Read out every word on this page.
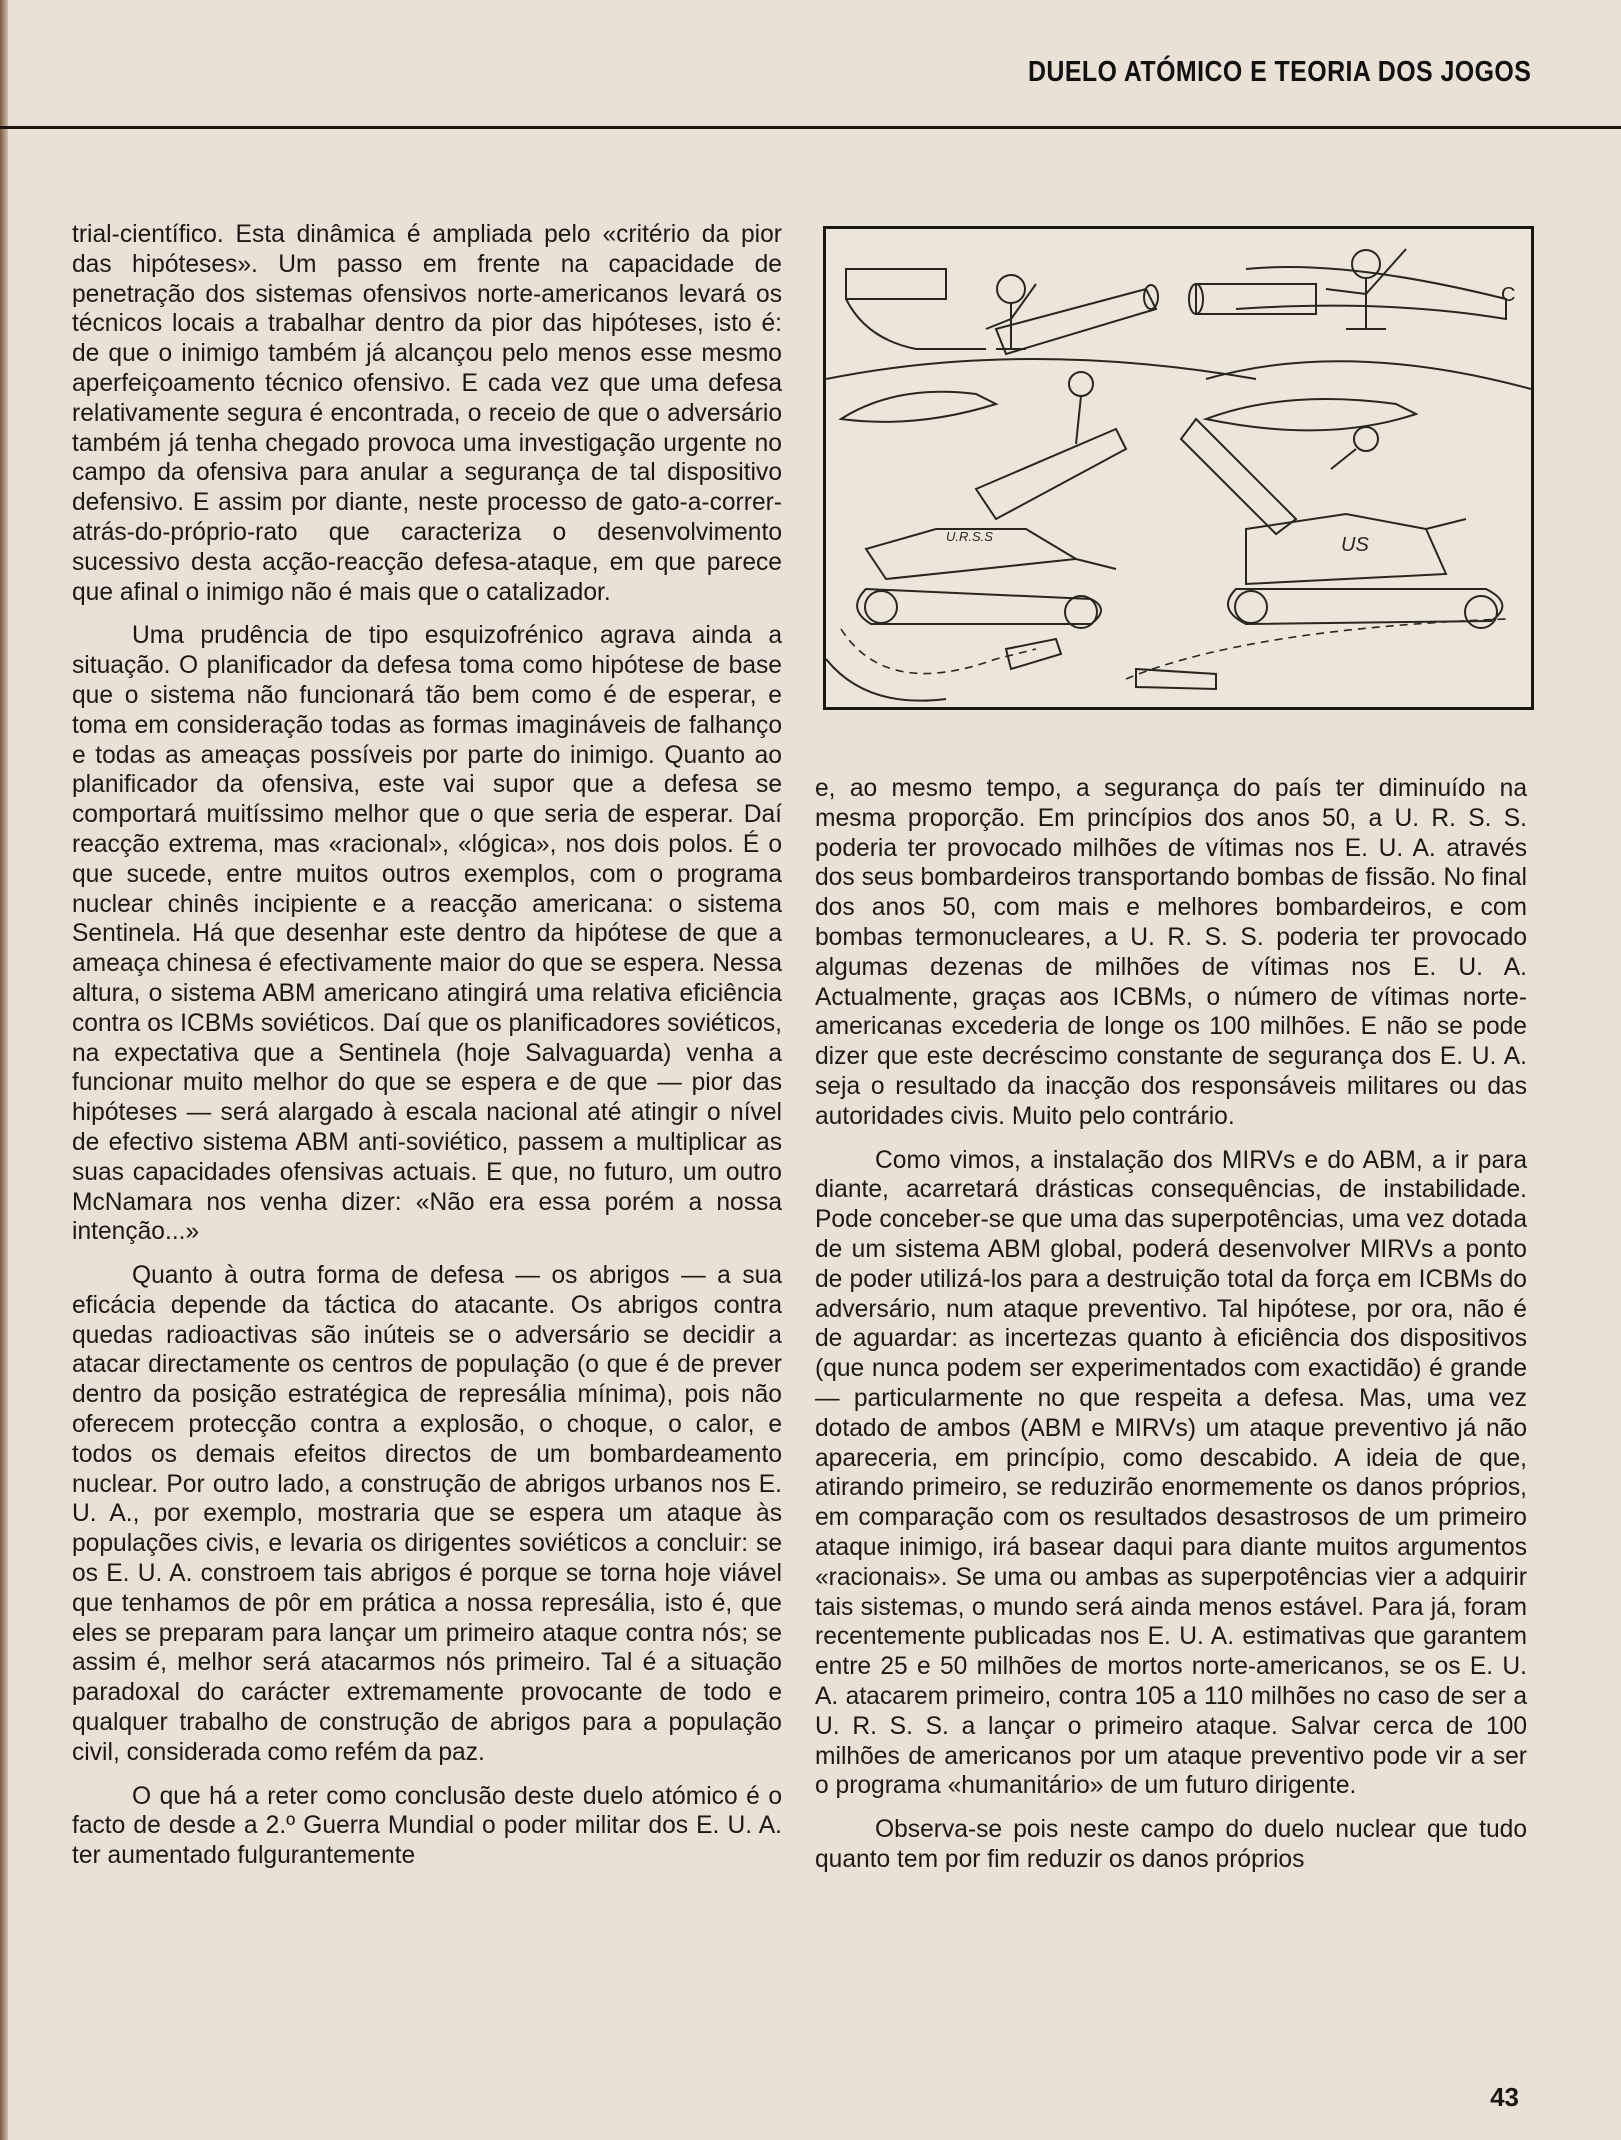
DUELO ATÓMICO E TEORIA DOS JOGOS

trial-científico. Esta dinâmica é ampliada pelo «critério da pior das hipóteses». Um passo em frente na capacidade de penetração dos sistemas ofensivos norte-americanos levará os técnicos locais a trabalhar dentro da pior das hipóteses, isto é: de que o inimigo também já alcançou pelo menos esse mesmo aperfeiçoamento técnico ofensivo. E cada vez que uma defesa relativamente segura é encontrada, o receio de que o adversário também já tenha chegado provoca uma investigação urgente no campo da ofensiva para anular a segurança de tal dispositivo defensivo. E assim por diante, neste processo de gato-a-correr-atrás-do-próprio-rato que caracteriza o desenvolvimento sucessivo desta acção-reacção defesa-ataque, em que parece que afinal o inimigo não é mais que o catalizador.

Uma prudência de tipo esquizofrénico agrava ainda a situação. O planificador da defesa toma como hipótese de base que o sistema não funcionará tão bem como é de esperar, e toma em consideração todas as formas imagináveis de falhanço e todas as ameaças possíveis por parte do inimigo. Quanto ao planificador da ofensiva, este vai supor que a defesa se comportará muitíssimo melhor que o que seria de esperar. Daí reacção extrema, mas «racional», «lógica», nos dois polos. É o que sucede, entre muitos outros exemplos, com o programa nuclear chinês incipiente e a reacção americana: o sistema Sentinela. Há que desenhar este dentro da hipótese de que a ameaça chinesa é efectivamente maior do que se espera. Nessa altura, o sistema ABM americano atingirá uma relativa eficiência contra os ICBMs soviéticos. Daí que os planificadores soviéticos, na expectativa que a Sentinela (hoje Salvaguarda) venha a funcionar muito melhor do que se espera e de que — pior das hipóteses — será alargado à escala nacional até atingir o nível de efectivo sistema ABM anti-soviético, passem a multiplicar as suas capacidades ofensivas actuais. E que, no futuro, um outro McNamara nos venha dizer: «Não era essa porém a nossa intenção...»

Quanto à outra forma de defesa — os abrigos — a sua eficácia depende da táctica do atacante. Os abrigos contra quedas radioactivas são inúteis se o adversário se decidir a atacar directamente os centros de população (o que é de prever dentro da posição estratégica de represália mínima), pois não oferecem protecção contra a explosão, o choque, o calor, e todos os demais efeitos directos de um bombardeamento nuclear. Por outro lado, a construção de abrigos urbanos nos E. U. A., por exemplo, mostraria que se espera um ataque às populações civis, e levaria os dirigentes soviéticos a concluir: se os E. U. A. constroem tais abrigos é porque se torna hoje viável que tenhamos de pôr em prática a nossa represália, isto é, que eles se preparam para lançar um primeiro ataque contra nós; se assim é, melhor será atacarmos nós primeiro. Tal é a situação paradoxal do carácter extremamente provocante de todo e qualquer trabalho de construção de abrigos para a população civil, considerada como refém da paz.

O que há a reter como conclusão deste duelo atómico é o facto de desde a 2.º Guerra Mundial o poder militar dos E. U. A. ter aumentado fulgurantemente

U.R.S.S	US
C

e, ao mesmo tempo, a segurança do país ter diminuído na mesma proporção. Em princípios dos anos 50, a U. R. S. S. poderia ter provocado milhões de vítimas nos E. U. A. através dos seus bombardeiros transportando bombas de fissão. No final dos anos 50, com mais e melhores bombardeiros, e com bombas termonucleares, a U. R. S. S. poderia ter provocado algumas dezenas de milhões de vítimas nos E. U. A. Actualmente, graças aos ICBMs, o número de vítimas norte-americanas excederia de longe os 100 milhões. E não se pode dizer que este decréscimo constante de segurança dos E. U. A. seja o resultado da inacção dos responsáveis militares ou das autoridades civis. Muito pelo contrário.

Como vimos, a instalação dos MIRVs e do ABM, a ir para diante, acarretará drásticas consequências, de instabilidade. Pode conceber-se que uma das superpotências, uma vez dotada de um sistema ABM global, poderá desenvolver MIRVs a ponto de poder utilizá-los para a destruição total da força em ICBMs do adversário, num ataque preventivo. Tal hipótese, por ora, não é de aguardar: as incertezas quanto à eficiência dos dispositivos (que nunca podem ser experimentados com exactidão) é grande — particularmente no que respeita a defesa. Mas, uma vez dotado de ambos (ABM e MIRVs) um ataque preventivo já não apareceria, em princípio, como descabido. A ideia de que, atirando primeiro, se reduzirão enormemente os danos próprios, em comparação com os resultados desastrosos de um primeiro ataque inimigo, irá basear daqui para diante muitos argumentos «racionais». Se uma ou ambas as superpotências vier a adquirir tais sistemas, o mundo será ainda menos estável. Para já, foram recentemente publicadas nos E. U. A. estimativas que garantem entre 25 e 50 milhões de mortos norte-americanos, se os E. U. A. atacarem primeiro, contra 105 a 110 milhões no caso de ser a U. R. S. S. a lançar o primeiro ataque. Salvar cerca de 100 milhões de americanos por um ataque preventivo pode vir a ser o programa «humanitário» de um futuro dirigente.

Observa-se pois neste campo do duelo nuclear que tudo quanto tem por fim reduzir os danos próprios

43
